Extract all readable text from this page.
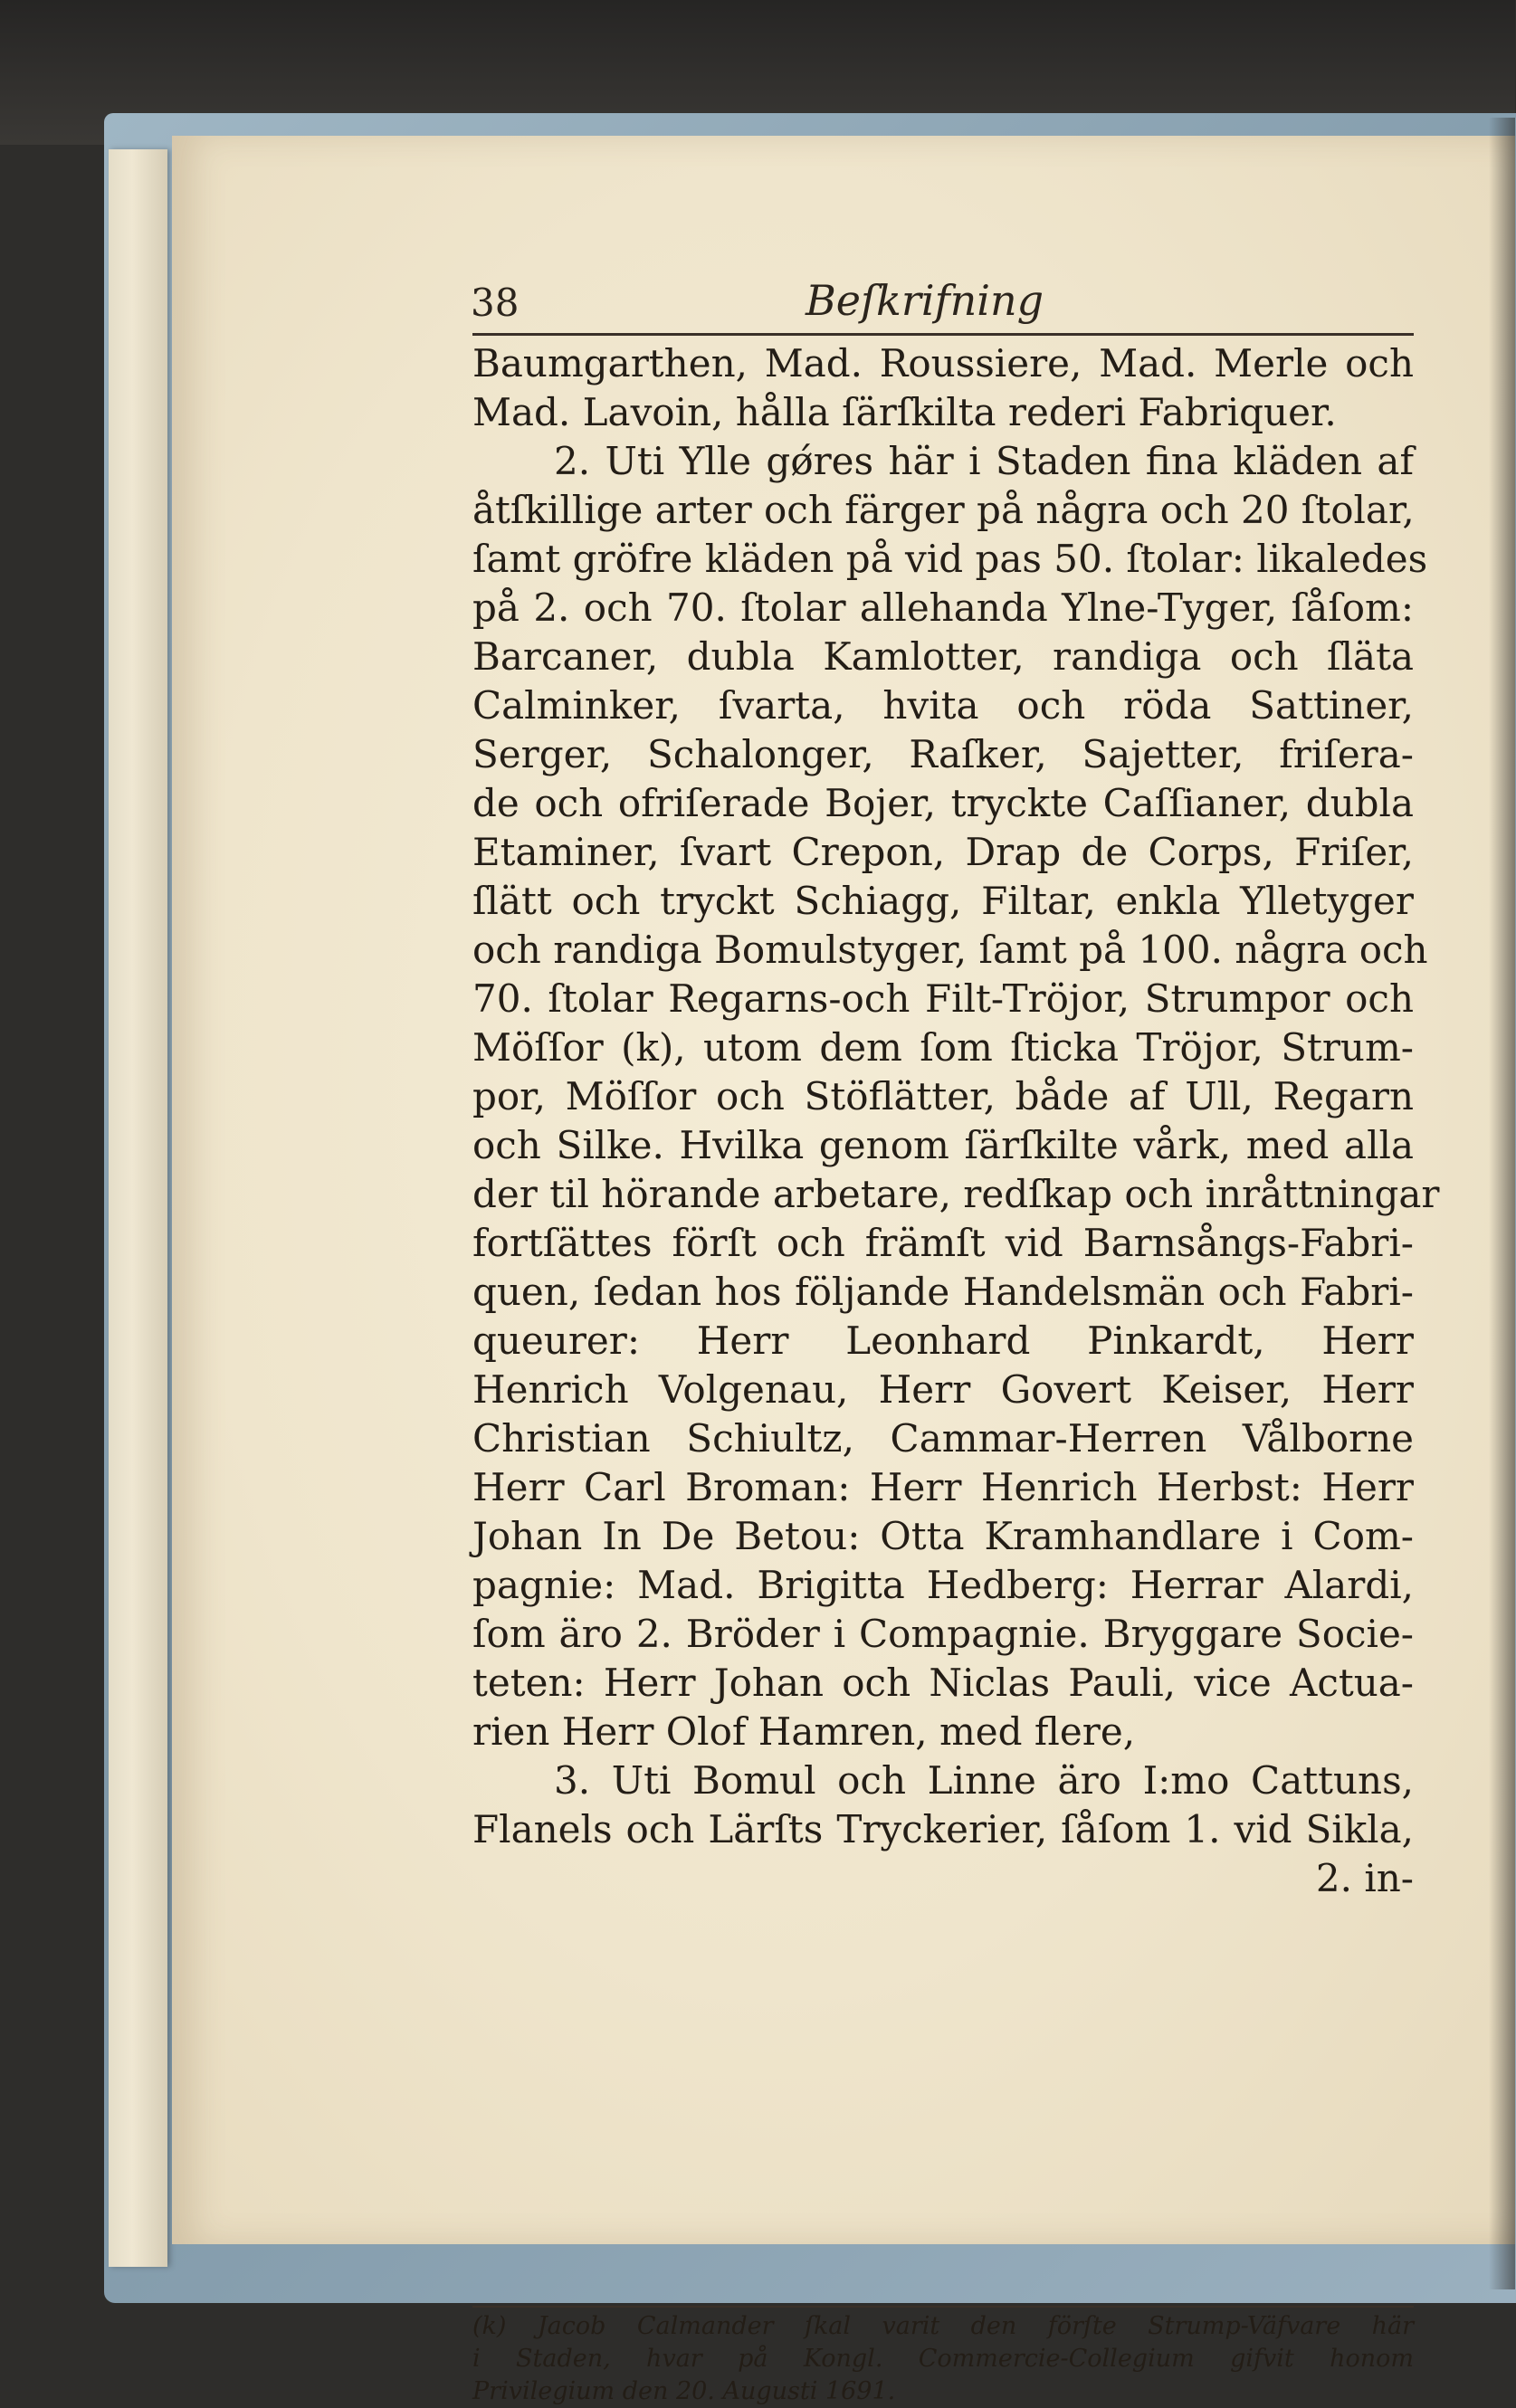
38	Beſkrifning
Baumgarthen, Mad. Roussiere, Mad. Merle och
Mad. Lavoin, hålla ſärſkilta rederi Fabriquer.
2. Uti Ylle gǿres här i Staden fina kläden af
åtſkillige arter och färger på några och 20 ſtolar,
ſamt gröfre kläden på vid pas 50. ſtolar: likaledes
på 2. och 70. ſtolar allehanda Ylne-Tyger, ſåſom:
Barcaner, dubla Kamlotter, randiga och ſläta
Calminker, ſvarta, hvita och röda Sattiner,
Serger, Schalonger, Raſker, Sajetter, friſera-
de och ofriſerade Bojer, tryckte Caſſianer, dubla
Etaminer, ſvart Crepon, Drap de Corps, Friſer,
ſlätt och tryckt Schiagg, Filtar, enkla Ylletyger
och randiga Bomulstyger, ſamt på 100. några och
70. ſtolar Regarns-och Filt-Tröjor, Strumpor och
Möſſor (k), utom dem ſom ſticka Tröjor, Strum-
por, Möſſor och Stöflätter, både af Ull, Regarn
och Silke. Hvilka genom ſärſkilte vårk, med alla
der til hörande arbetare, redſkap och inråttningar
fortſättes förſt och främſt vid Barnsångs-Fabri-
quen, ſedan hos följande Handelsmän och Fabri-
queurer: Herr Leonhard Pinkardt, Herr
Henrich Volgenau, Herr Govert Keiser, Herr
Christian Schiultz, Cammar-Herren Vålborne
Herr Carl Broman: Herr Henrich Herbst: Herr
Johan In De Betou: Otta Kramhandlare i Com-
pagnie: Mad. Brigitta Hedberg: Herrar Alardi,
ſom äro 2. Bröder i Compagnie. Bryggare Socie-
teten: Herr Johan och Niclas Pauli, vice Actua-
rien Herr Olof Hamren, med flere,
3. Uti Bomul och Linne äro I:mo Cattuns,
Flanels och Lärſts Tryckerier, ſåſom 1. vid Sikla,
2. in-
(k) Jacob Calmander ſkal varit den förſte Strump-Väfvare här
i Staden, hvar på Kongl. Commercie-Collegium gifvit honom
Privilegium den 20. Augusti 1691.
